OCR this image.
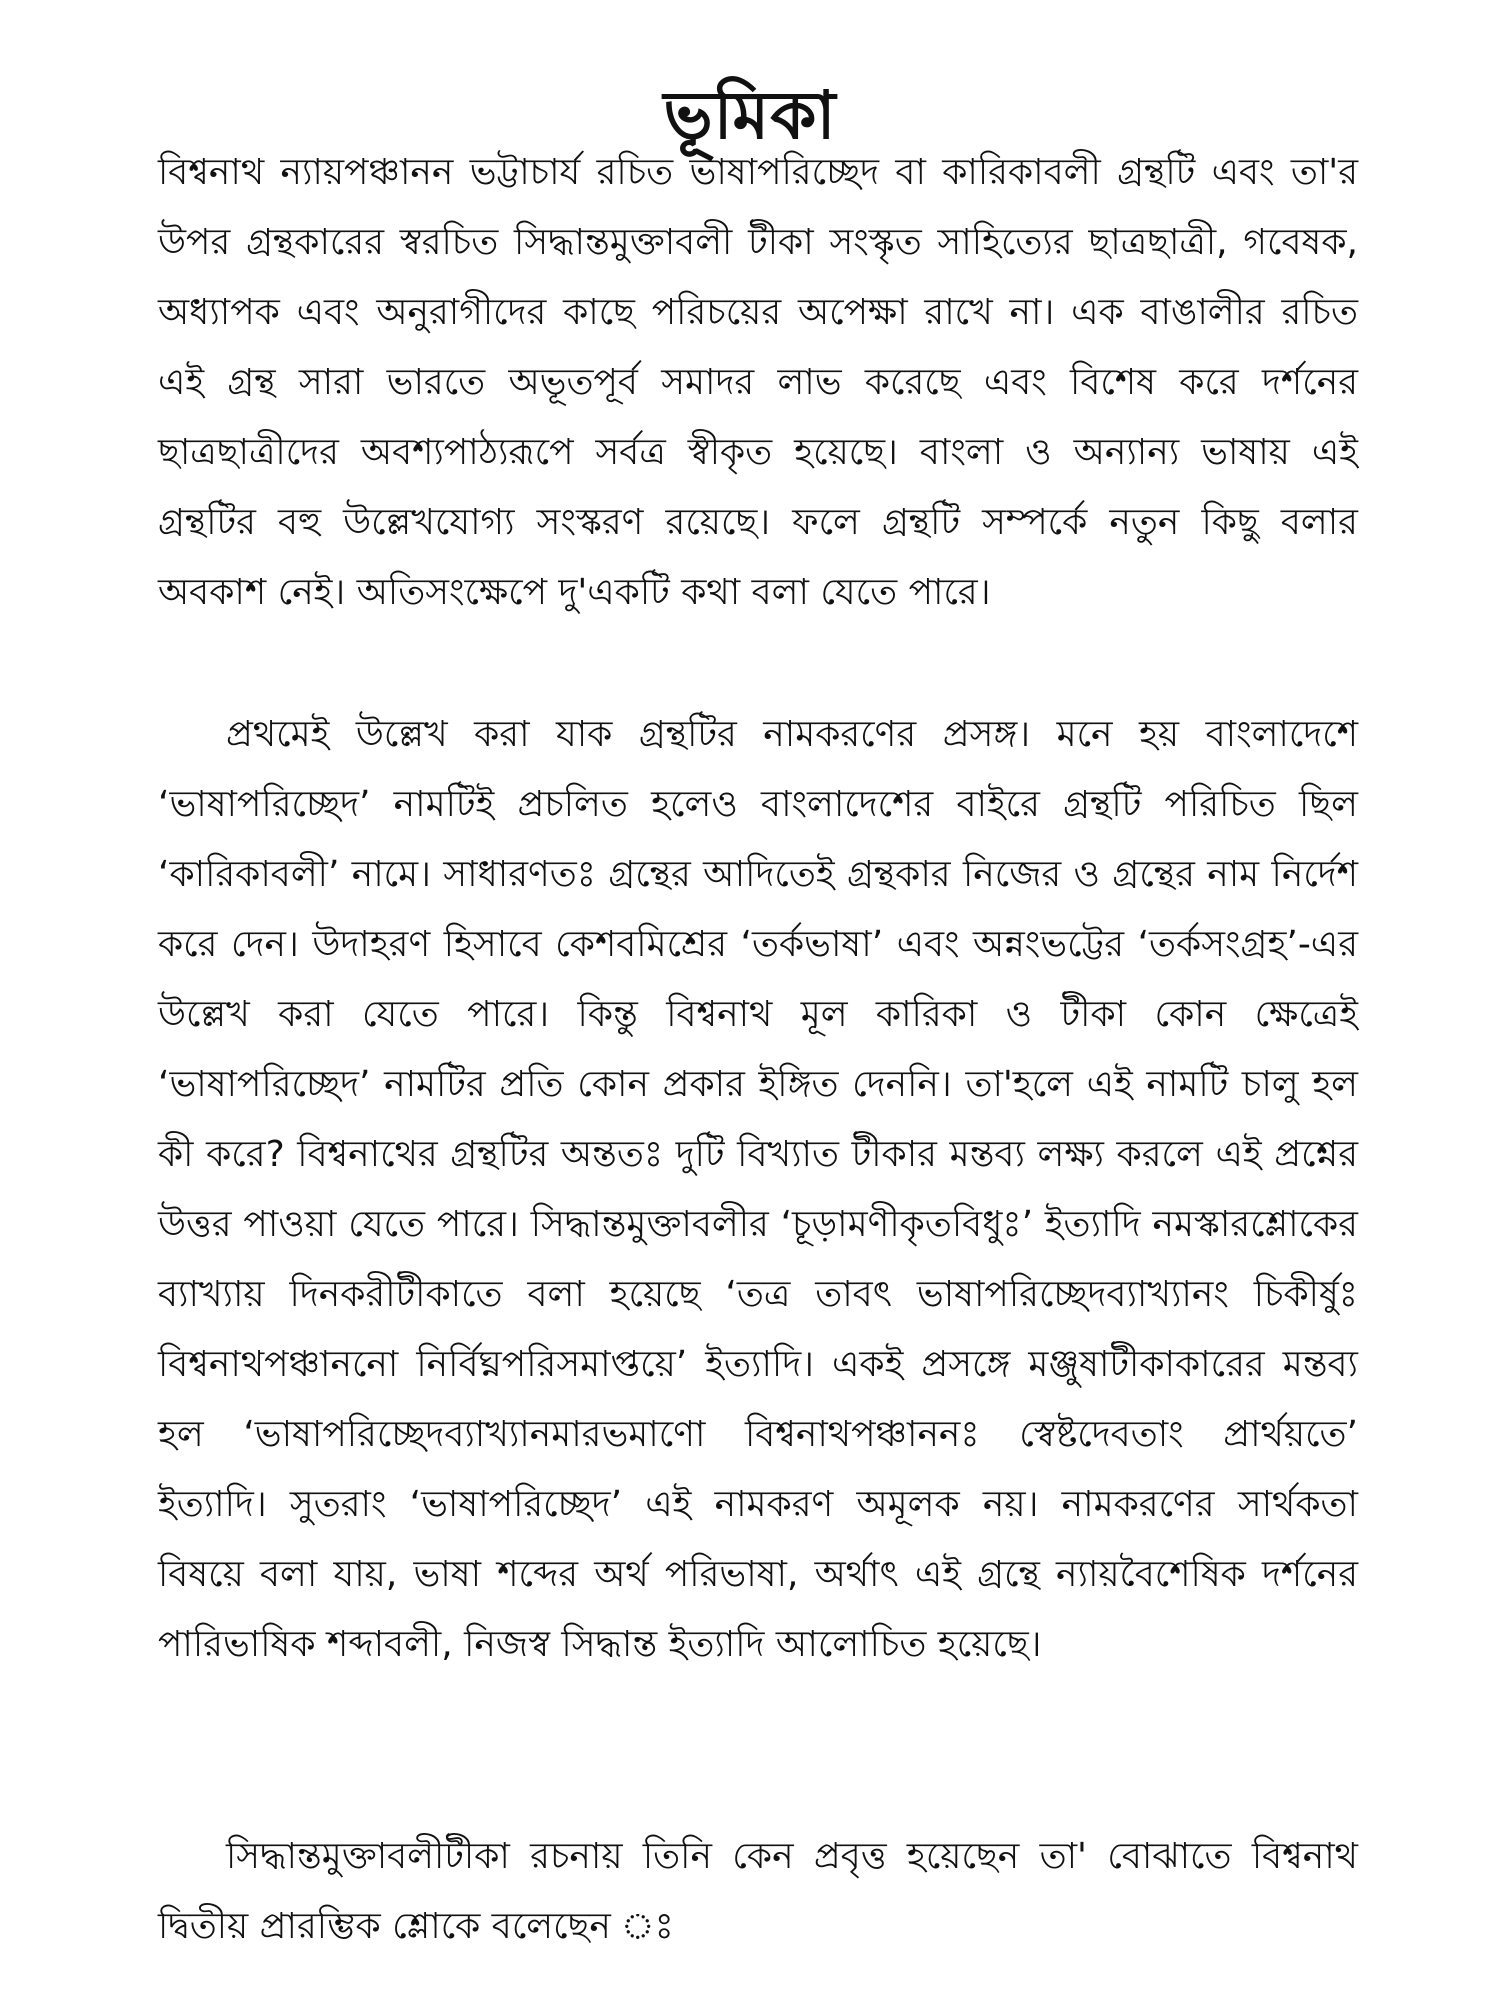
ভূমিকা

বিশ্বনাথ ন্যায়পঞ্চানন ভট্টাচার্য রচিত ভাষাপরিচ্ছেদ বা কারিকাবলী গ্রন্থটি এবং তা'র উপর গ্রন্থকারের স্বরচিত সিদ্ধান্তমুক্তাবলী টীকা সংস্কৃত সাহিত্যের ছাত্রছাত্রী, গবেষক, অধ্যাপক এবং অনুরাগীদের কাছে পরিচয়ের অপেক্ষা রাখে না। এক বাঙালীর রচিত এই গ্রন্থ সারা ভারতে অভূতপূর্ব সমাদর লাভ করেছে এবং বিশেষ করে দর্শনের ছাত্রছাত্রীদের অবশ্যপাঠ্যরূপে সর্বত্র স্বীকৃত হয়েছে। বাংলা ও অন্যান্য ভাষায় এই গ্রন্থটির বহু উল্লেখযোগ্য সংস্করণ রয়েছে। ফলে গ্রন্থটি সম্পর্কে নতুন কিছু বলার অবকাশ নেই। অতিসংক্ষেপে দু'একটি কথা বলা যেতে পারে।

প্রথমেই উল্লেখ করা যাক গ্রন্থটির নামকরণের প্রসঙ্গ। মনে হয় বাংলাদেশে ‘ভাষাপরিচ্ছেদ’ নামটিই প্রচলিত হলেও বাংলাদেশের বাইরে গ্রন্থটি পরিচিত ছিল ‘কারিকাবলী’ নামে। সাধারণতঃ গ্রন্থের আদিতেই গ্রন্থকার নিজের ও গ্রন্থের নাম নির্দেশ করে দেন। উদাহরণ হিসাবে কেশবমিশ্রের ‘তর্কভাষা’ এবং অন্নংভট্টের ‘তর্কসংগ্রহ’-এর উল্লেখ করা যেতে পারে। কিন্তু বিশ্বনাথ মূল কারিকা ও টীকা কোন ক্ষেত্রেই ‘ভাষাপরিচ্ছেদ’ নামটির প্রতি কোন প্রকার ইঙ্গিত দেননি। তা'হলে এই নামটি চালু হল কী করে? বিশ্বনাথের গ্রন্থটির অন্ততঃ দুটি বিখ্যাত টীকার মন্তব্য লক্ষ্য করলে এই প্রশ্নের উত্তর পাওয়া যেতে পারে। সিদ্ধান্তমুক্তাবলীর ‘চূড়ামণীকৃতবিধুঃ’ ইত্যাদি নমস্কারশ্লোকের ব্যাখ্যায় দিনকরীটীকাতে বলা হয়েছে ‘তত্র তাবৎ ভাষাপরিচ্ছেদব্যাখ্যানং চিকীর্ষুঃ বিশ্বনাথপঞ্চাননো নির্বিঘ্নপরিসমাপ্তয়ে’ ইত্যাদি। একই প্রসঙ্গে মঞ্জুষাটীকাকারের মন্তব্য হল ‘ভাষাপরিচ্ছেদব্যাখ্যানমারভমাণো বিশ্বনাথপঞ্চাননঃ স্বেষ্টদেবতাং প্রার্থয়তে’ ইত্যাদি। সুতরাং ‘ভাষাপরিচ্ছেদ’ এই নামকরণ অমূলক নয়। নামকরণের সার্থকতা বিষয়ে বলা যায়, ভাষা শব্দের অর্থ পরিভাষা, অর্থাৎ এই গ্রন্থে ন্যায়বৈশেষিক দর্শনের পারিভাষিক শব্দাবলী, নিজস্ব সিদ্ধান্ত ইত্যাদি আলোচিত হয়েছে।

সিদ্ধান্তমুক্তাবলীটীকা রচনায় তিনি কেন প্রবৃত্ত হয়েছেন তা' বোঝাতে বিশ্বনাথ দ্বিতীয় প্রারম্ভিক শ্লোকে বলেছেন ঃ
